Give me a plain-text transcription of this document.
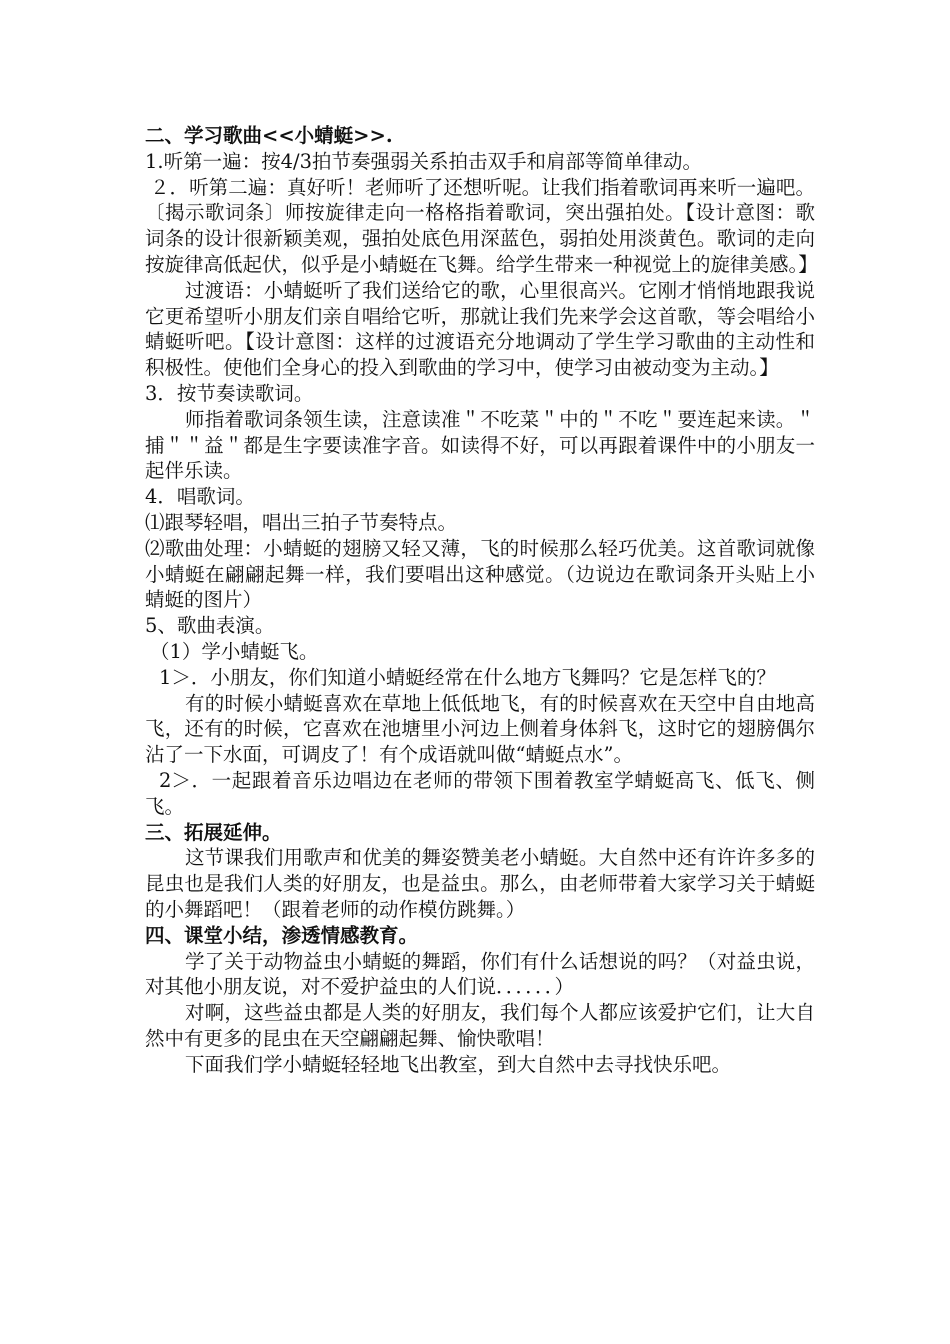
二、学习歌曲<<小蜻蜓>>.

1.听第一遍：按4/3拍节奏强弱关系拍击双手和肩部等简单律动。

２．听第二遍：真好听！老师听了还想听呢。让我们指着歌词再来听一遍吧。〔揭示歌词条〕师按旋律走向一格格指着歌词，突出强拍处。【设计意图：歌词条的设计很新颖美观，强拍处底色用深蓝色，弱拍处用淡黄色。歌词的走向按旋律高低起伏，似乎是小蜻蜓在飞舞。给学生带来一种视觉上的旋律美感。】

过渡语：小蜻蜓听了我们送给它的歌，心里很高兴。它刚才悄悄地跟我说它更希望听小朋友们亲自唱给它听，那就让我们先来学会这首歌，等会唱给小蜻蜓听吧。【设计意图：这样的过渡语充分地调动了学生学习歌曲的主动性和积极性。使他们全身心的投入到歌曲的学习中，使学习由被动变为主动。】

3．按节奏读歌词。

师指着歌词条领生读，注意读准＂不吃菜＂中的＂不吃＂要连起来读。＂捕＂＂益＂都是生字要读准字音。如读得不好，可以再跟着课件中的小朋友一起伴乐读。

4．唱歌词。

⑴跟琴轻唱，唱出三拍子节奏特点。

⑵歌曲处理：小蜻蜓的翅膀又轻又薄，飞的时候那么轻巧优美。这首歌词就像小蜻蜓在翩翩起舞一样，我们要唱出这种感觉。（边说边在歌词条开头贴上小蜻蜓的图片）

5、歌曲表演。

（1）学小蜻蜓飞。

1＞．小朋友，你们知道小蜻蜓经常在什么地方飞舞吗？它是怎样飞的？

有的时候小蜻蜓喜欢在草地上低低地飞，有的时候喜欢在天空中自由地高飞，还有的时候，它喜欢在池塘里小河边上侧着身体斜飞，这时它的翅膀偶尔沾了一下水面，可调皮了！有个成语就叫做“蜻蜓点水”。

2＞．一起跟着音乐边唱边在老师的带领下围着教室学蜻蜓高飞、低飞、侧飞。

三、拓展延伸。

这节课我们用歌声和优美的舞姿赞美老小蜻蜓。大自然中还有许许多多的昆虫也是我们人类的好朋友，也是益虫。那么，由老师带着大家学习关于蜻蜓的小舞蹈吧！（跟着老师的动作模仿跳舞。）

四、课堂小结，渗透情感教育。

学了关于动物益虫小蜻蜓的舞蹈，你们有什么话想说的吗？（对益虫说，对其他小朋友说，对不爱护益虫的人们说．．．．．．）

对啊，这些益虫都是人类的好朋友，我们每个人都应该爱护它们，让大自然中有更多的昆虫在天空翩翩起舞、愉快歌唱！

下面我们学小蜻蜓轻轻地飞出教室，到大自然中去寻找快乐吧。
